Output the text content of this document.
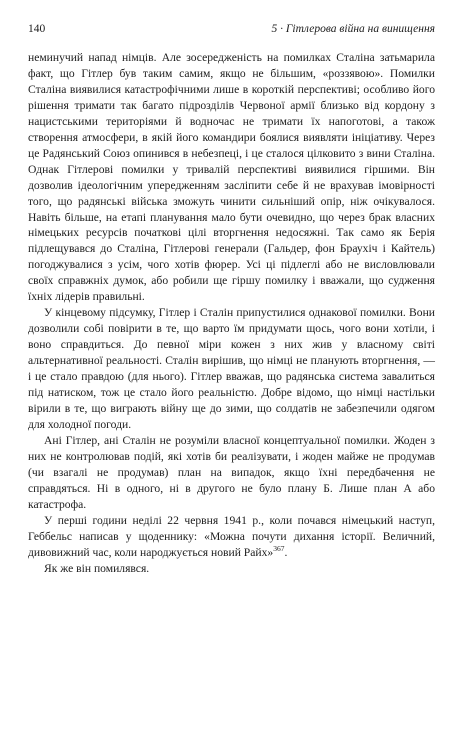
140	5 · Гітлерова війна на винищення

неминучий напад німців. Але зосередженість на помилках Сталіна затьмарила факт, що Гітлер був таким самим, якщо не більшим, «роззявою». Помилки Сталіна виявилися катастрофічними лише в короткій перспективі; особливо його рішення тримати так багато підрозділів Червоної армії близько від кордону з нацистськими територіями й водночас не тримати їх напоготові, а також створення атмосфери, в якій його командири боялися виявляти ініціативу. Через це Радянський Союз опинився в небезпеці, і це сталося цілковито з вини Сталіна. Однак Гітлерові помилки у тривалій перспективі виявилися гіршими. Він дозволив ідеологічним упередженням засліпити себе й не врахував імовірності того, що радянські війська зможуть чинити сильніший опір, ніж очікувалося. Навіть більше, на етапі планування мало бути очевидно, що через брак власних німецьких ресурсів початкові цілі вторгнення недосяжні. Так само як Берія підлещувався до Сталіна, Гітлерові генерали (Гальдер, фон Браухіч і Кайтель) погоджувалися з усім, чого хотів фюрер. Усі ці підлеглі або не висловлювали своїх справжніх думок, або робили ще гіршу помилку і вважали, що судження їхніх лідерів правильні.

У кінцевому підсумку, Гітлер і Сталін припустилися однакової помилки. Вони дозволили собі повірити в те, що варто їм придумати щось, чого вони хотіли, і воно справдиться. До певної міри кожен з них жив у власному світі альтернативної реальності. Сталін вирішив, що німці не планують вторгнення, — і це стало правдою (для нього). Гітлер вважав, що радянська система завалиться під натиском, тож це стало його реальністю. Добре відомо, що німці настільки вірили в те, що виграють війну ще до зими, що солдатів не забезпечили одягом для холодної погоди.

Ані Гітлер, ані Сталін не розуміли власної концептуальної помилки. Жоден з них не контролював подій, які хотів би реалізувати, і жоден майже не продумав (чи взагалі не продумав) план на випадок, якщо їхні передбачення не справдяться. Ні в одного, ні в другого не було плану Б. Лише план А або катастрофа.

У перші години неділі 22 червня 1941 р., коли почався німецький наступ, Геббельс написав у щоденнику: «Можна почути дихання історії. Величний, дивовижний час, коли народжується новий Райх»$^{367}$.

Як же він помилявся.
